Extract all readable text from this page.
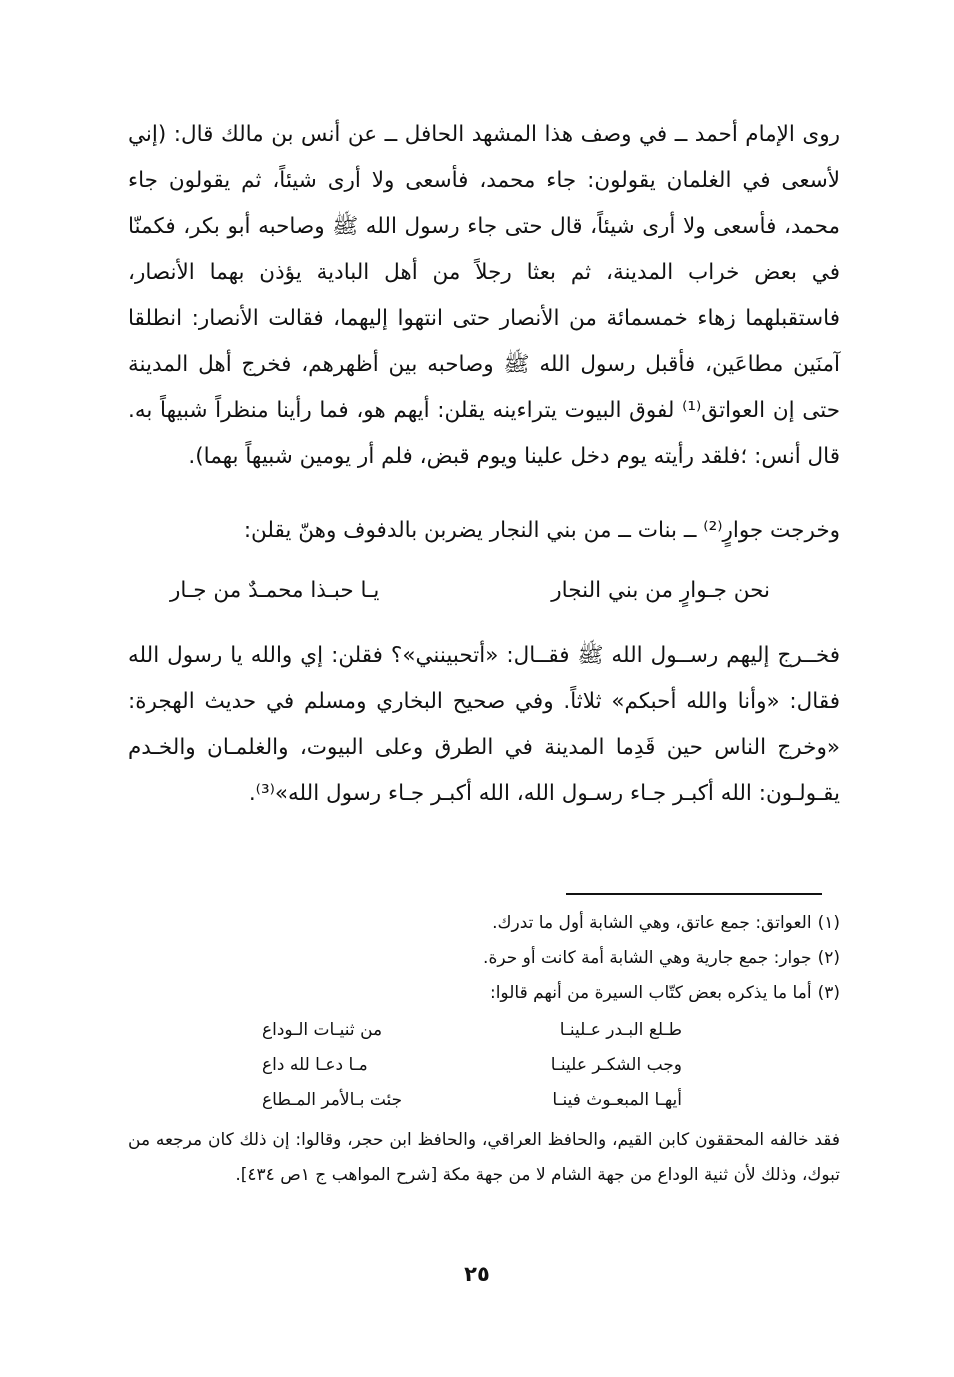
روى الإمام أحمد ــ في وصف هذا المشهد الحافل ــ عن أنس بن مالك قال: (إني لأسعى في الغلمان يقولون: جاء محمد، فأسعى ولا أرى شيئاً، ثم يقولون جاء محمد، فأسعى ولا أرى شيئاً، قال حتى جاء رسول الله ﷺ وصاحبه أبو بكر، فكمنّا في بعض خراب المدينة، ثم بعثا رجلاً من أهل البادية يؤذن بهما الأنصار، فاستقبلهما زهاء خمسمائة من الأنصار حتى انتهوا إليهما، فقالت الأنصار: انطلقا آمنَين مطاعَين، فأقبل رسول الله ﷺ وصاحبه بين أظهرهم، فخرج أهل المدينة حتى إن العواتق⁽¹⁾ لفوق البيوت يتراءينه يقلن: أيهم هو، فما رأينا منظراً شبيهاً به. قال أنس: ؛فلقد رأيته يوم دخل علينا ويوم قبض، فلم أر يومين شبيهاً بهما).

وخرجت جوارٍ⁽²⁾ ــ بنات ــ من بني النجار يضربن بالدفوف وهنّ يقلن:

نحن جـوارٍ من بني النجار
يـا حبـذا محمـدٌ من جـار

فخــرج إليهم رســول الله ﷺ فقــال: «أتحبينني»؟ فقلن: إي والله يا رسول الله فقال: «وأنا والله أحبكم» ثلاثاً. وفي صحيح البخاري ومسلم في حديث الهجرة: «وخرج الناس حين قَدِما المدينة في الطرق وعلى البيوت، والغلمـان والخـدم يقـولـون: الله أكبـر جـاء رسـول الله، الله أكبـر جـاء رسول الله»⁽³⁾.

(١)العواتق: جمع عاتق، وهي الشابة أول ما تدرك.
(٢)جوار: جمع جارية وهي الشابة أمة كانت أو حرة.
(٣)أما ما يذكره بعض كتّاب السيرة من أنهم قالوا:
طـلع البـدر عـلينـا
من ثنيـات الـوداع
وجب الشكـر علينـا
مـا دعـا لله داع
أيهـا المبعـوث فينـا
جئت بـالأمر المـطاع
فقد خالفه المحققون كابن القيم، والحافظ العراقي، والحافظ ابن حجر، وقالوا: إن ذلك كان مرجعه من تبوك، وذلك لأن ثنية الوداع من جهة الشام لا من جهة مكة [شرح المواهب ج ١ص ٤٣٤].
٢٥
